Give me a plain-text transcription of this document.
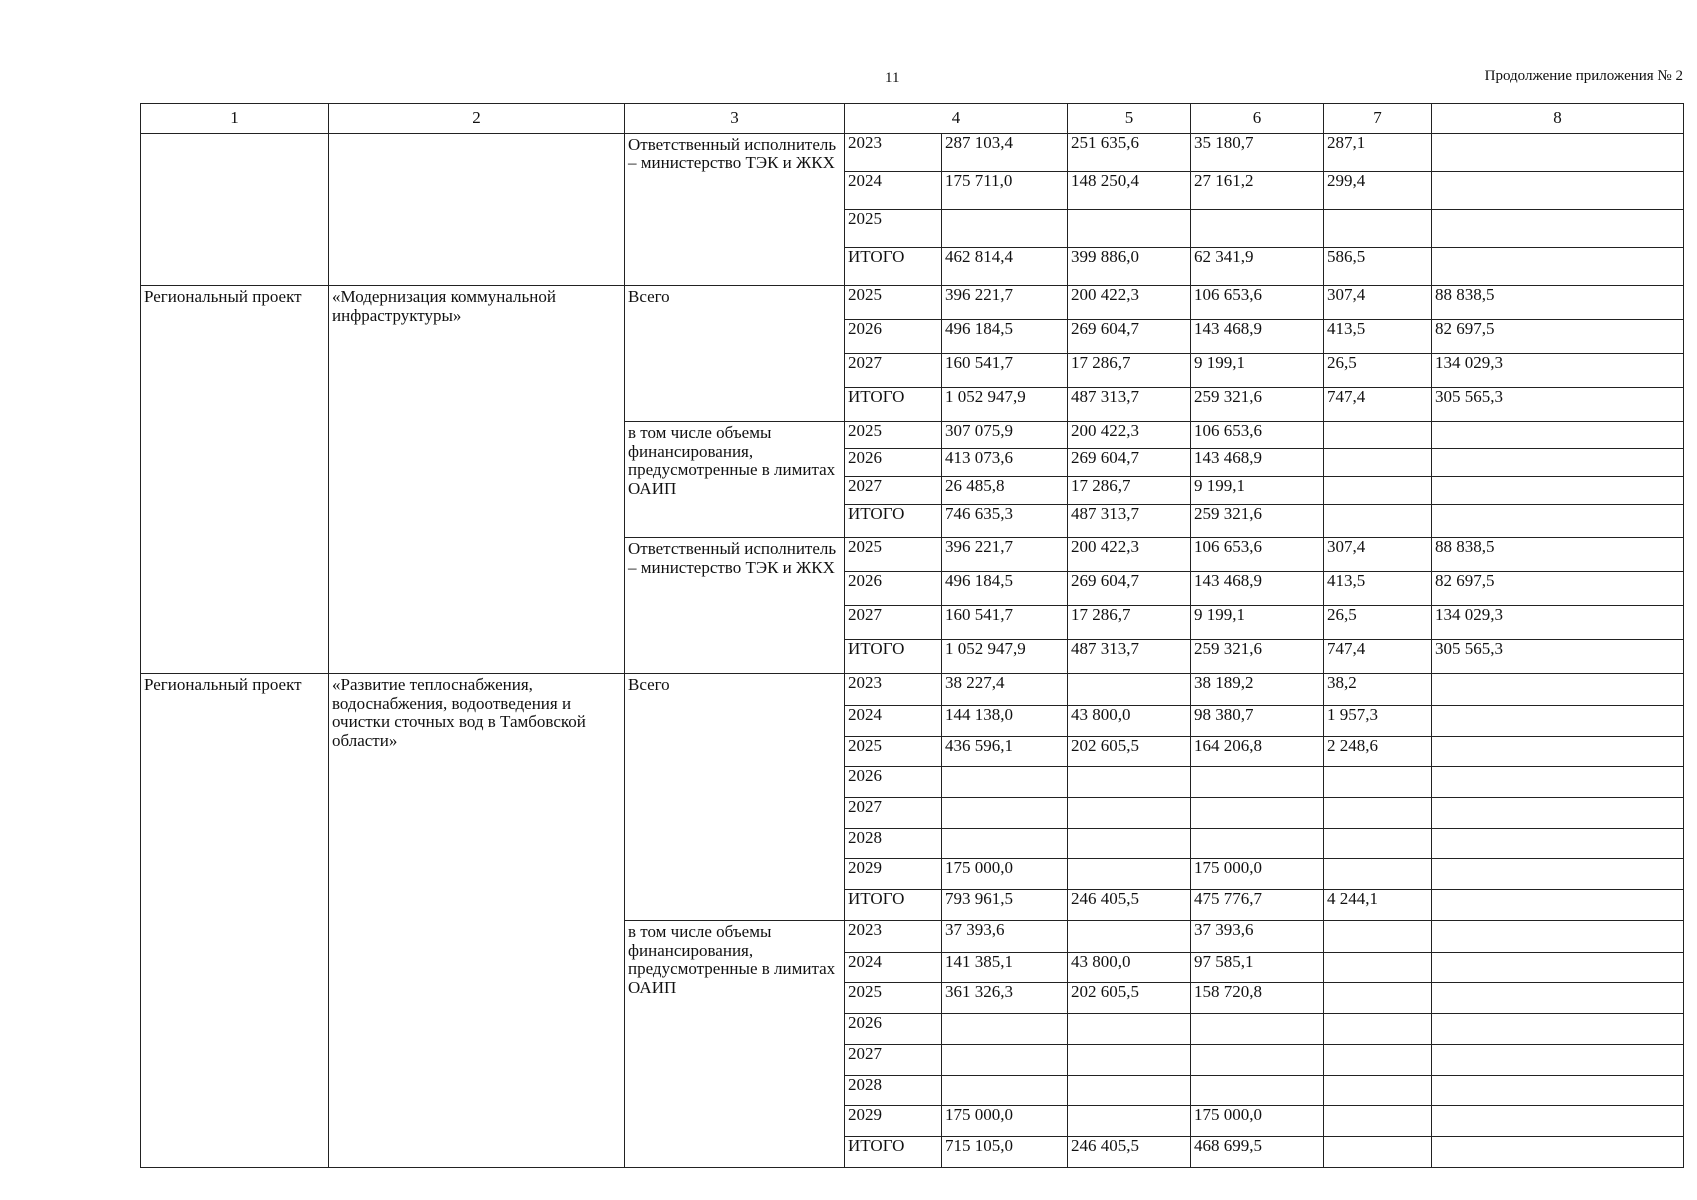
11	Продолжение приложения № 2
1	2	3	4		5	6	7	8
		Ответственный исполнитель – министерство ТЭК и ЖКХ	2023	287 103,4	251 635,6	35 180,7	287,1	
			2024	175 711,0	148 250,4	27 161,2	299,4	
			2025					
			ИТОГО	462 814,4	399 886,0	62 341,9	586,5	
Региональный проект	«Модернизация коммунальной инфраструктуры»	Всего	2025	396 221,7	200 422,3	106 653,6	307,4	88 838,5
			2026	496 184,5	269 604,7	143 468,9	413,5	82 697,5
			2027	160 541,7	17 286,7	9 199,1	26,5	134 029,3
			ИТОГО	1 052 947,9	487 313,7	259 321,6	747,4	305 565,3
		в том числе объемы финансирования, предусмотренные в лимитах ОАИП	2025	307 075,9	200 422,3	106 653,6		
			2026	413 073,6	269 604,7	143 468,9		
			2027	26 485,8	17 286,7	9 199,1		
			ИТОГО	746 635,3	487 313,7	259 321,6		
		Ответственный исполнитель – министерство ТЭК и ЖКХ	2025	396 221,7	200 422,3	106 653,6	307,4	88 838,5
			2026	496 184,5	269 604,7	143 468,9	413,5	82 697,5
			2027	160 541,7	17 286,7	9 199,1	26,5	134 029,3
			ИТОГО	1 052 947,9	487 313,7	259 321,6	747,4	305 565,3
Региональный проект	«Развитие теплоснабжения, водоснабжения, водоотведения и очистки сточных вод в Тамбовской области»	Всего	2023	38 227,4		38 189,2	38,2	
			2024	144 138,0	43 800,0	98 380,7	1 957,3	
			2025	436 596,1	202 605,5	164 206,8	2 248,6	
			2026					
			2027					
			2028					
			2029	175 000,0		175 000,0		
			ИТОГО	793 961,5	246 405,5	475 776,7	4 244,1	
		в том числе объемы финансирования, предусмотренные в лимитах ОАИП	2023	37 393,6		37 393,6		
			2024	141 385,1	43 800,0	97 585,1		
			2025	361 326,3	202 605,5	158 720,8		
			2026					
			2027					
			2028					
			2029	175 000,0		175 000,0		
			ИТОГО	715 105,0	246 405,5	468 699,5		
